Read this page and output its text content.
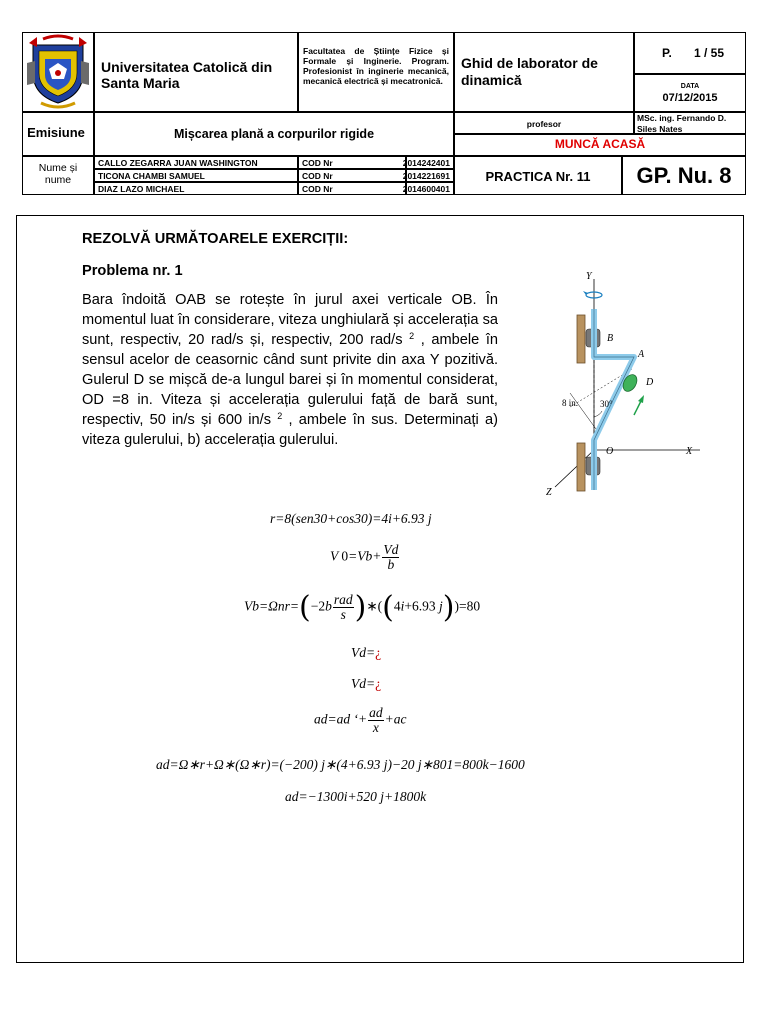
Universitatea Catolică din Santa Maria
Facultatea de Științe Fizice și Formale și Inginerie. Program. Profesionist în inginerie mecanică, mecanică electrică și mecatronică.
Ghid de laborator de dinamică
P. 1 / 55
DATA
07/12/2015
Emisiune	Mișcarea plană a corpurilor rigide
profesor
MSc. ing. Fernando D. Siles Nates
MUNCĂ ACASĂ
Nume și nume
CALLO ZEGARRA JUAN WASHINGTON	COD Nr	2014242401
TICONA CHAMBI SAMUEL	COD Nr	2014221691
DIAZ LAZO MICHAEL	COD Nr	2014600401
PRACTICA Nr. 11	GP. Nu. 8
REZOLVĂ URMĂTOARELE EXERCIȚII:
Problema nr. 1
Bara îndoită OAB se rotește în jurul axei verticale OB. În momentul luat în considerare, viteza unghiulară și accelerația sa sunt, respectiv, 20 rad/s și, respectiv, 200 rad/s $^2$ , ambele în sensul acelor de ceasornic când sunt privite din axa Y pozitivă. Gulerul D se mișcă de-a lungul barei și în momentul considerat, OD =8 in. Viteza și accelerația gulerului față de bară sunt, respectiv, 50 in/s și 600 in/s $^2$ , ambele în sus. Determinați a) viteza gulerului, b) accelerația gulerului.
Y
B
A
D
O	X
Z
8 in. 30°
r=8(sen30+cos30)=4i+6.93 j
V $0=Vb+ \frac{Vd}{b}$
$Vb=\Omega nr=(-2b \frac{\text{rad}}{s}$ )∗((4i+6.93 j))=80
Vd=¿
Vd=¿
ad=ad ‘+ $\frac{ad}{x} +ac$
ad=Ω∗r+Ω∗(Ω∗r)=(−200) j∗(4+6.93 j)−20 j∗801=800k−1600
ad=−1300i+520 j+1800k
